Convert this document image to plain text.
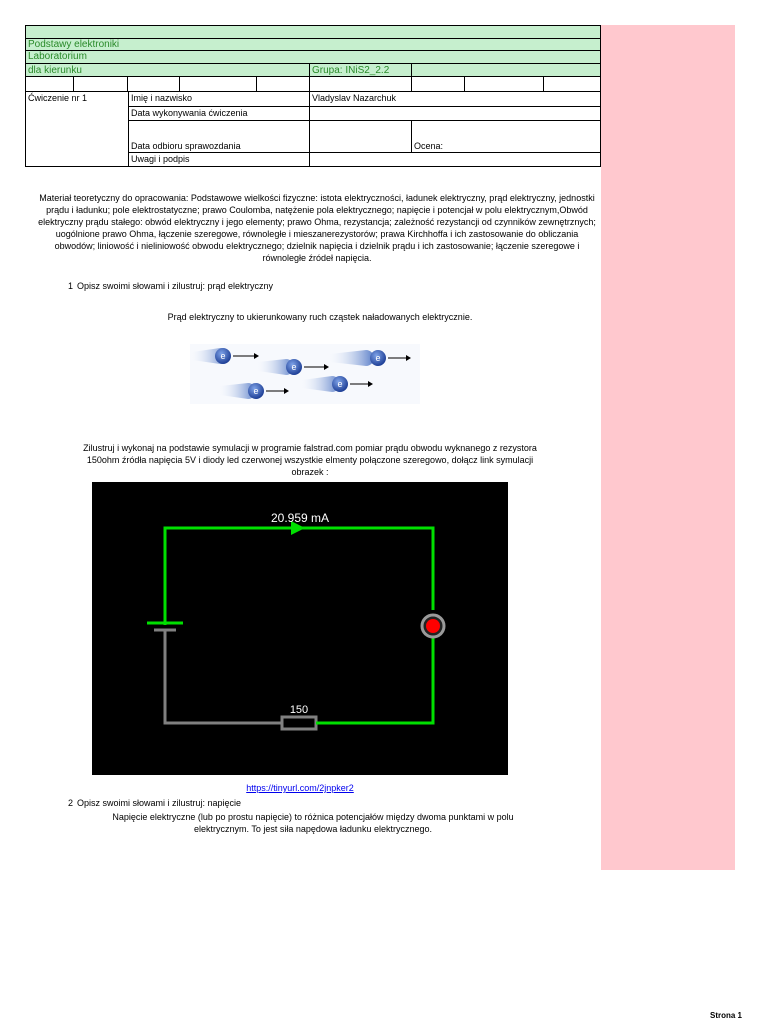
Podstawy elektroniki
Laboratorium
dla kierunku	Grupa: INiS2_2.2
Ćwiczenie nr 1	Imię i nazwisko	Vladyslav Nazarchuk
Data wykonywania ćwiczenia
Data odbioru sprawozdania	Ocena:
Uwagi i podpis
Materiał teoretyczny do opracowania: Podstawowe wielkości fizyczne: istota elektryczności, ładunek elektryczny, prąd elektryczny, jednostki prądu i ładunku; pole elektrostatyczne; prawo Coulomba, natężenie pola elektrycznego; napięcie i potencjał w polu elektrycznym,Obwód elektryczny prądu stałego: obwód elektryczny i jego elementy; prawo Ohma, rezystancja; zależność rezystancji od czynników zewnętrznych; uogólnione prawo Ohma, łączenie szeregowe, równoległe i mieszanerezystorów; prawa Kirchhoffa i ich zastosowanie do obliczania obwodów; liniowość i nieliniowość obwodu elektrycznego; dzielnik napięcia i dzielnik prądu i ich zastosowanie; łączenie szeregowe i równoległe źródeł napięcia.
1 Opisz swoimi słowami i zilustruj: prąd elektryczny
Prąd elektryczny to ukierunkowany ruch cząstek naładowanych elektrycznie.
e	e
e
e
e
Zilustruj i wykonaj na podstawie symulacji w programie falstrad.com pomiar prądu obwodu wyknanego z rezystora 150ohm źródła napięcia 5V i diody led czerwonej wszystkie elmenty połączone szeregowo, dołącz link symulacji obrazek :
20.959 mA
150
https://tinyurl.com/2jnpker2
2 Opisz swoimi słowami i zilustruj: napięcie
Napięcie elektryczne (lub po prostu napięcie) to różnica potencjałów między dwoma punktami w polu elektrycznym. To jest siła napędowa ładunku elektrycznego.
Strona 1
